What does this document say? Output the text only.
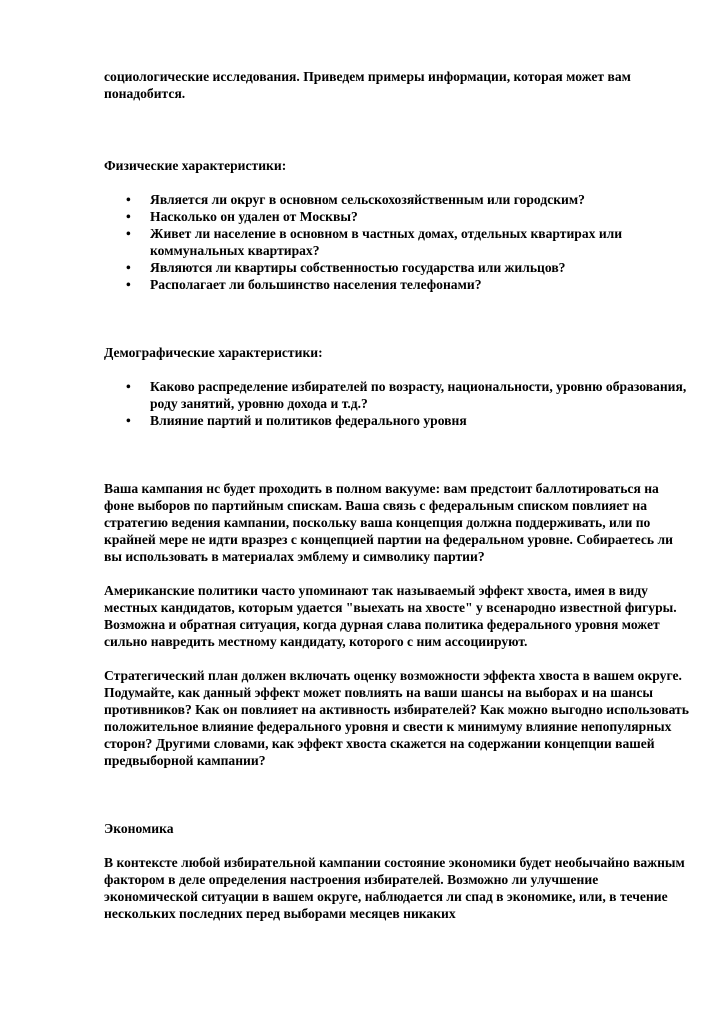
социологические исследования. Приведем примеры информации, которая может вам понадобится.

Физические характеристики:

• Является ли округ в основном сельскохозяйственным или городским?
• Насколько он удален от Москвы?
• Живет ли население в основном в частных домах, отдельных квартирах или коммунальных квартирах?
• Являются ли квартиры собственностью государства или жильцов?
• Располагает ли большинство населения телефонами?

Демографические характеристики:

• Каково распределение избирателей по возрасту, национальности, уровню образования, роду занятий, уровню дохода и т.д.?
• Влияние партий и политиков федерального уровня

Ваша кампания нс будет проходить в полном вакууме: вам предстоит баллотироваться на фоне выборов по партийным спискам. Ваша связь с федеральным списком повлияет на стратегию ведения кампании, поскольку ваша концепция должна поддерживать, или по крайней мере не идти вразрез с концепцией партии на федеральном уровне. Собираетесь ли вы использовать в материалах эмблему и символику партии?

Американские политики часто упоминают так называемый эффект хвоста, имея в виду местных кандидатов, которым удается "выехать на хвосте" у всенародно известной фигуры. Возможна и обратная ситуация, когда дурная слава политика федерального уровня может сильно навредить местному кандидату, которого с ним ассоциируют.

Стратегический план должен включать оценку возможности эффекта хвоста в вашем округе. Подумайте, как данный эффект может повлиять на ваши шансы на выборах и на шансы противников? Как он повлияет на активность избирателей? Как можно выгодно использовать положительное влияние федерального уровня и свести к минимуму влияние непопулярных сторон? Другими словами, как эффект хвоста скажется на содержании концепции вашей предвыборной кампании?

Экономика

В контексте любой избирательной кампании состояние экономики будет необычайно важным фактором в деле определения настроения избирателей. Возможно ли улучшение экономической ситуации в вашем округе, наблюдается ли спад в экономике, или, в течение нескольких последних перед выборами месяцев никаких
